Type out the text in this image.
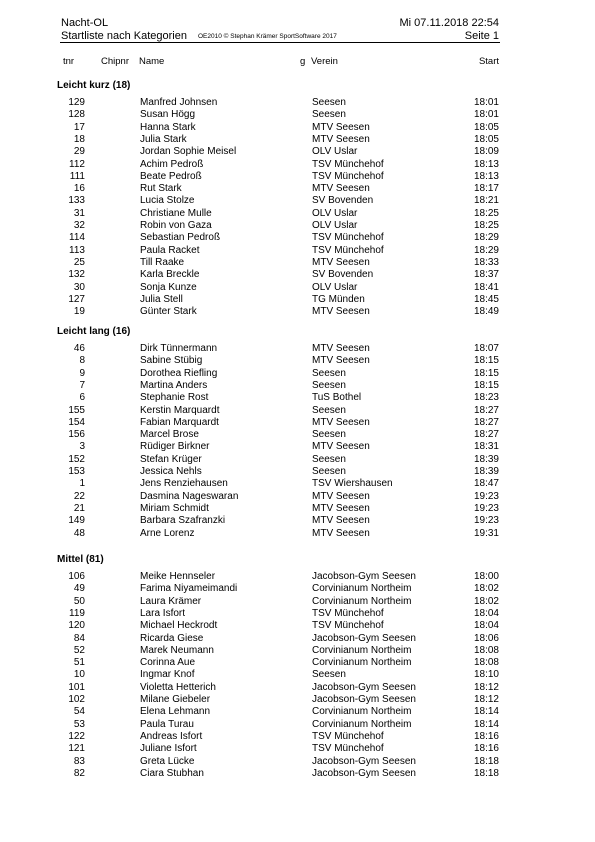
Nacht-OL	Mi 07.11.2018 22:54
Startliste nach Kategorien OE2010 © Stephan Krämer SportSoftware 2017	Seite 1
tnr	Chipnr Name	g Verein	Start
Leicht kurz (18)
129	Manfred Johnsen	Seesen	18:01
128	Susan Högg	Seesen	18:01
17	Hanna Stark	MTV Seesen	18:05
18	Julia Stark	MTV Seesen	18:05
29	Jordan Sophie Meisel	OLV Uslar	18:09
112	Achim Pedroß	TSV Münchehof	18:13
111	Beate Pedroß	TSV Münchehof	18:13
16	Rut Stark	MTV Seesen	18:17
133	Lucia Stolze	SV Bovenden	18:21
31	Christiane Mulle	OLV Uslar	18:25
32	Robin von Gaza	OLV Uslar	18:25
114	Sebastian Pedroß	TSV Münchehof	18:29
113	Paula Racket	TSV Münchehof	18:29
25	Till Raake	MTV Seesen	18:33
132	Karla Breckle	SV Bovenden	18:37
30	Sonja Kunze	OLV Uslar	18:41
127	Julia Stell	TG Münden	18:45
19	Günter Stark	MTV Seesen	18:49
Leicht lang (16)
46	Dirk Tünnermann	MTV Seesen	18:07
8	Sabine Stübig	MTV Seesen	18:15
9	Dorothea Riefling	Seesen	18:15
7	Martina Anders	Seesen	18:15
6	Stephanie Rost	TuS Bothel	18:23
155	Kerstin Marquardt	Seesen	18:27
154	Fabian Marquardt	MTV Seesen	18:27
156	Marcel Brose	Seesen	18:27
3	Rüdiger Birkner	MTV Seesen	18:31
152	Stefan Krüger	Seesen	18:39
153	Jessica Nehls	Seesen	18:39
1	Jens Renziehausen	TSV Wiershausen	18:47
22	Dasmina Nageswaran	MTV Seesen	19:23
21	Miriam Schmidt	MTV Seesen	19:23
149	Barbara Szafranzki	MTV Seesen	19:23
48	Arne Lorenz	MTV Seesen	19:31
Mittel (81)
106	Meike Hennseler	Jacobson-Gym Seesen	18:00
49	Farima Niyameimandi	Corvinianum Northeim	18:02
50	Laura Krämer	Corvinianum Northeim	18:02
119	Lara Isfort	TSV Münchehof	18:04
120	Michael Heckrodt	TSV Münchehof	18:04
84	Ricarda Giese	Jacobson-Gym Seesen	18:06
52	Marek Neumann	Corvinianum Northeim	18:08
51	Corinna Aue	Corvinianum Northeim	18:08
10	Ingmar Knof	Seesen	18:10
101	Violetta Hetterich	Jacobson-Gym Seesen	18:12
102	Milane Giebeler	Jacobson-Gym Seesen	18:12
54	Elena Lehmann	Corvinianum Northeim	18:14
53	Paula Turau	Corvinianum Northeim	18:14
122	Andreas Isfort	TSV Münchehof	18:16
121	Juliane Isfort	TSV Münchehof	18:16
83	Greta Lücke	Jacobson-Gym Seesen	18:18
82	Ciara Stubhan	Jacobson-Gym Seesen	18:18
